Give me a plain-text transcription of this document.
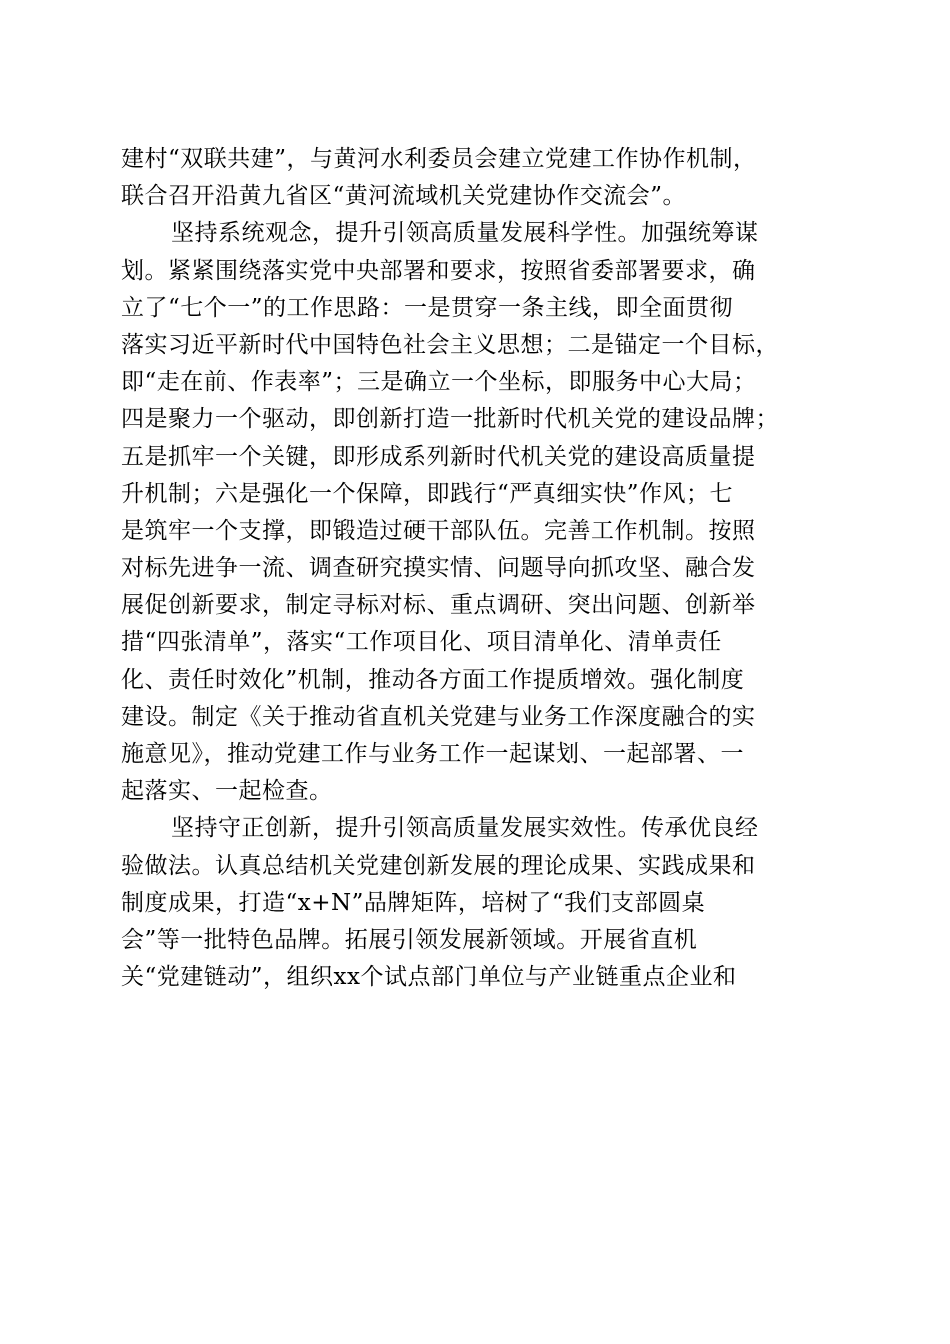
建村“双联共建”，与黄河水利委员会建立党建工作协作机制，
联合召开沿黄九省区“黄河流域机关党建协作交流会”。
坚持系统观念，提升引领高质量发展科学性。加强统筹谋
划。紧紧围绕落实党中央部署和要求，按照省委部署要求，确
立了“七个一”的工作思路：一是贯穿一条主线，即全面贯彻
落实习近平新时代中国特色社会主义思想；二是锚定一个目标，
即“走在前、作表率”；三是确立一个坐标，即服务中心大局；
四是聚力一个驱动，即创新打造一批新时代机关党的建设品牌；
五是抓牢一个关键，即形成系列新时代机关党的建设高质量提
升机制；六是强化一个保障，即践行“严真细实快”作风；七
是筑牢一个支撑，即锻造过硬干部队伍。完善工作机制。按照
对标先进争一流、调查研究摸实情、问题导向抓攻坚、融合发
展促创新要求，制定寻标对标、重点调研、突出问题、创新举
措“四张清单”，落实“工作项目化、项目清单化、清单责任
化、责任时效化”机制，推动各方面工作提质增效。强化制度
建设。制定《关于推动省直机关党建与业务工作深度融合的实
施意见》，推动党建工作与业务工作一起谋划、一起部署、一
起落实、一起检查。
坚持守正创新，提升引领高质量发展实效性。传承优良经
验做法。认真总结机关党建创新发展的理论成果、实践成果和
制度成果，打造“x+N”品牌矩阵，培树了“我们支部圆桌
会”等一批特色品牌。拓展引领发展新领域。开展省直机
关“党建链动”，组织xx个试点部门单位与产业链重点企业和
